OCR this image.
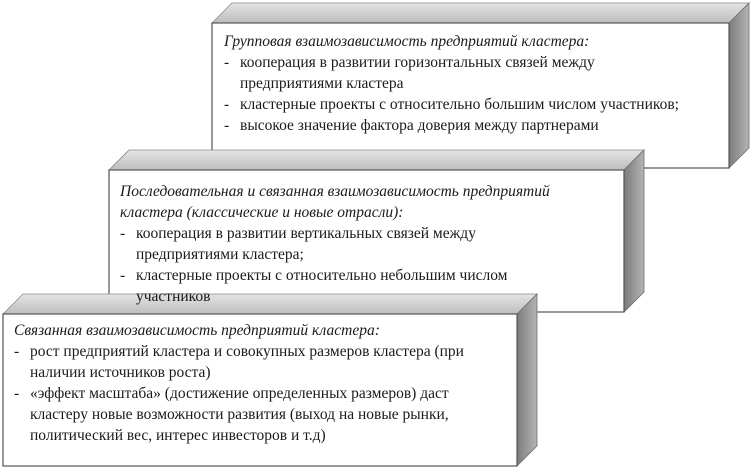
Групповая взаимозависимость предприятий кластера:
- кооперация в развитии горизонтальных связей между предприятиями кластера
- кластерные проекты с относительно большим числом участников;
- высокое значение фактора доверия между партнерами
Последовательная и связанная взаимозависимость предприятий кластера (классические и новые отрасли):
- кооперация в развитии вертикальных связей между предприятиями кластера;
- кластерные проекты с относительно небольшим числом участников
Связанная взаимозависимость предприятий кластера:
- рост предприятий кластера и совокупных размеров кластера (при наличии источников роста)
- «эффект масштаба» (достижение определенных размеров) даст кластеру новые возможности развития (выход на новые рынки, политический вес, интерес инвесторов и т.д)
